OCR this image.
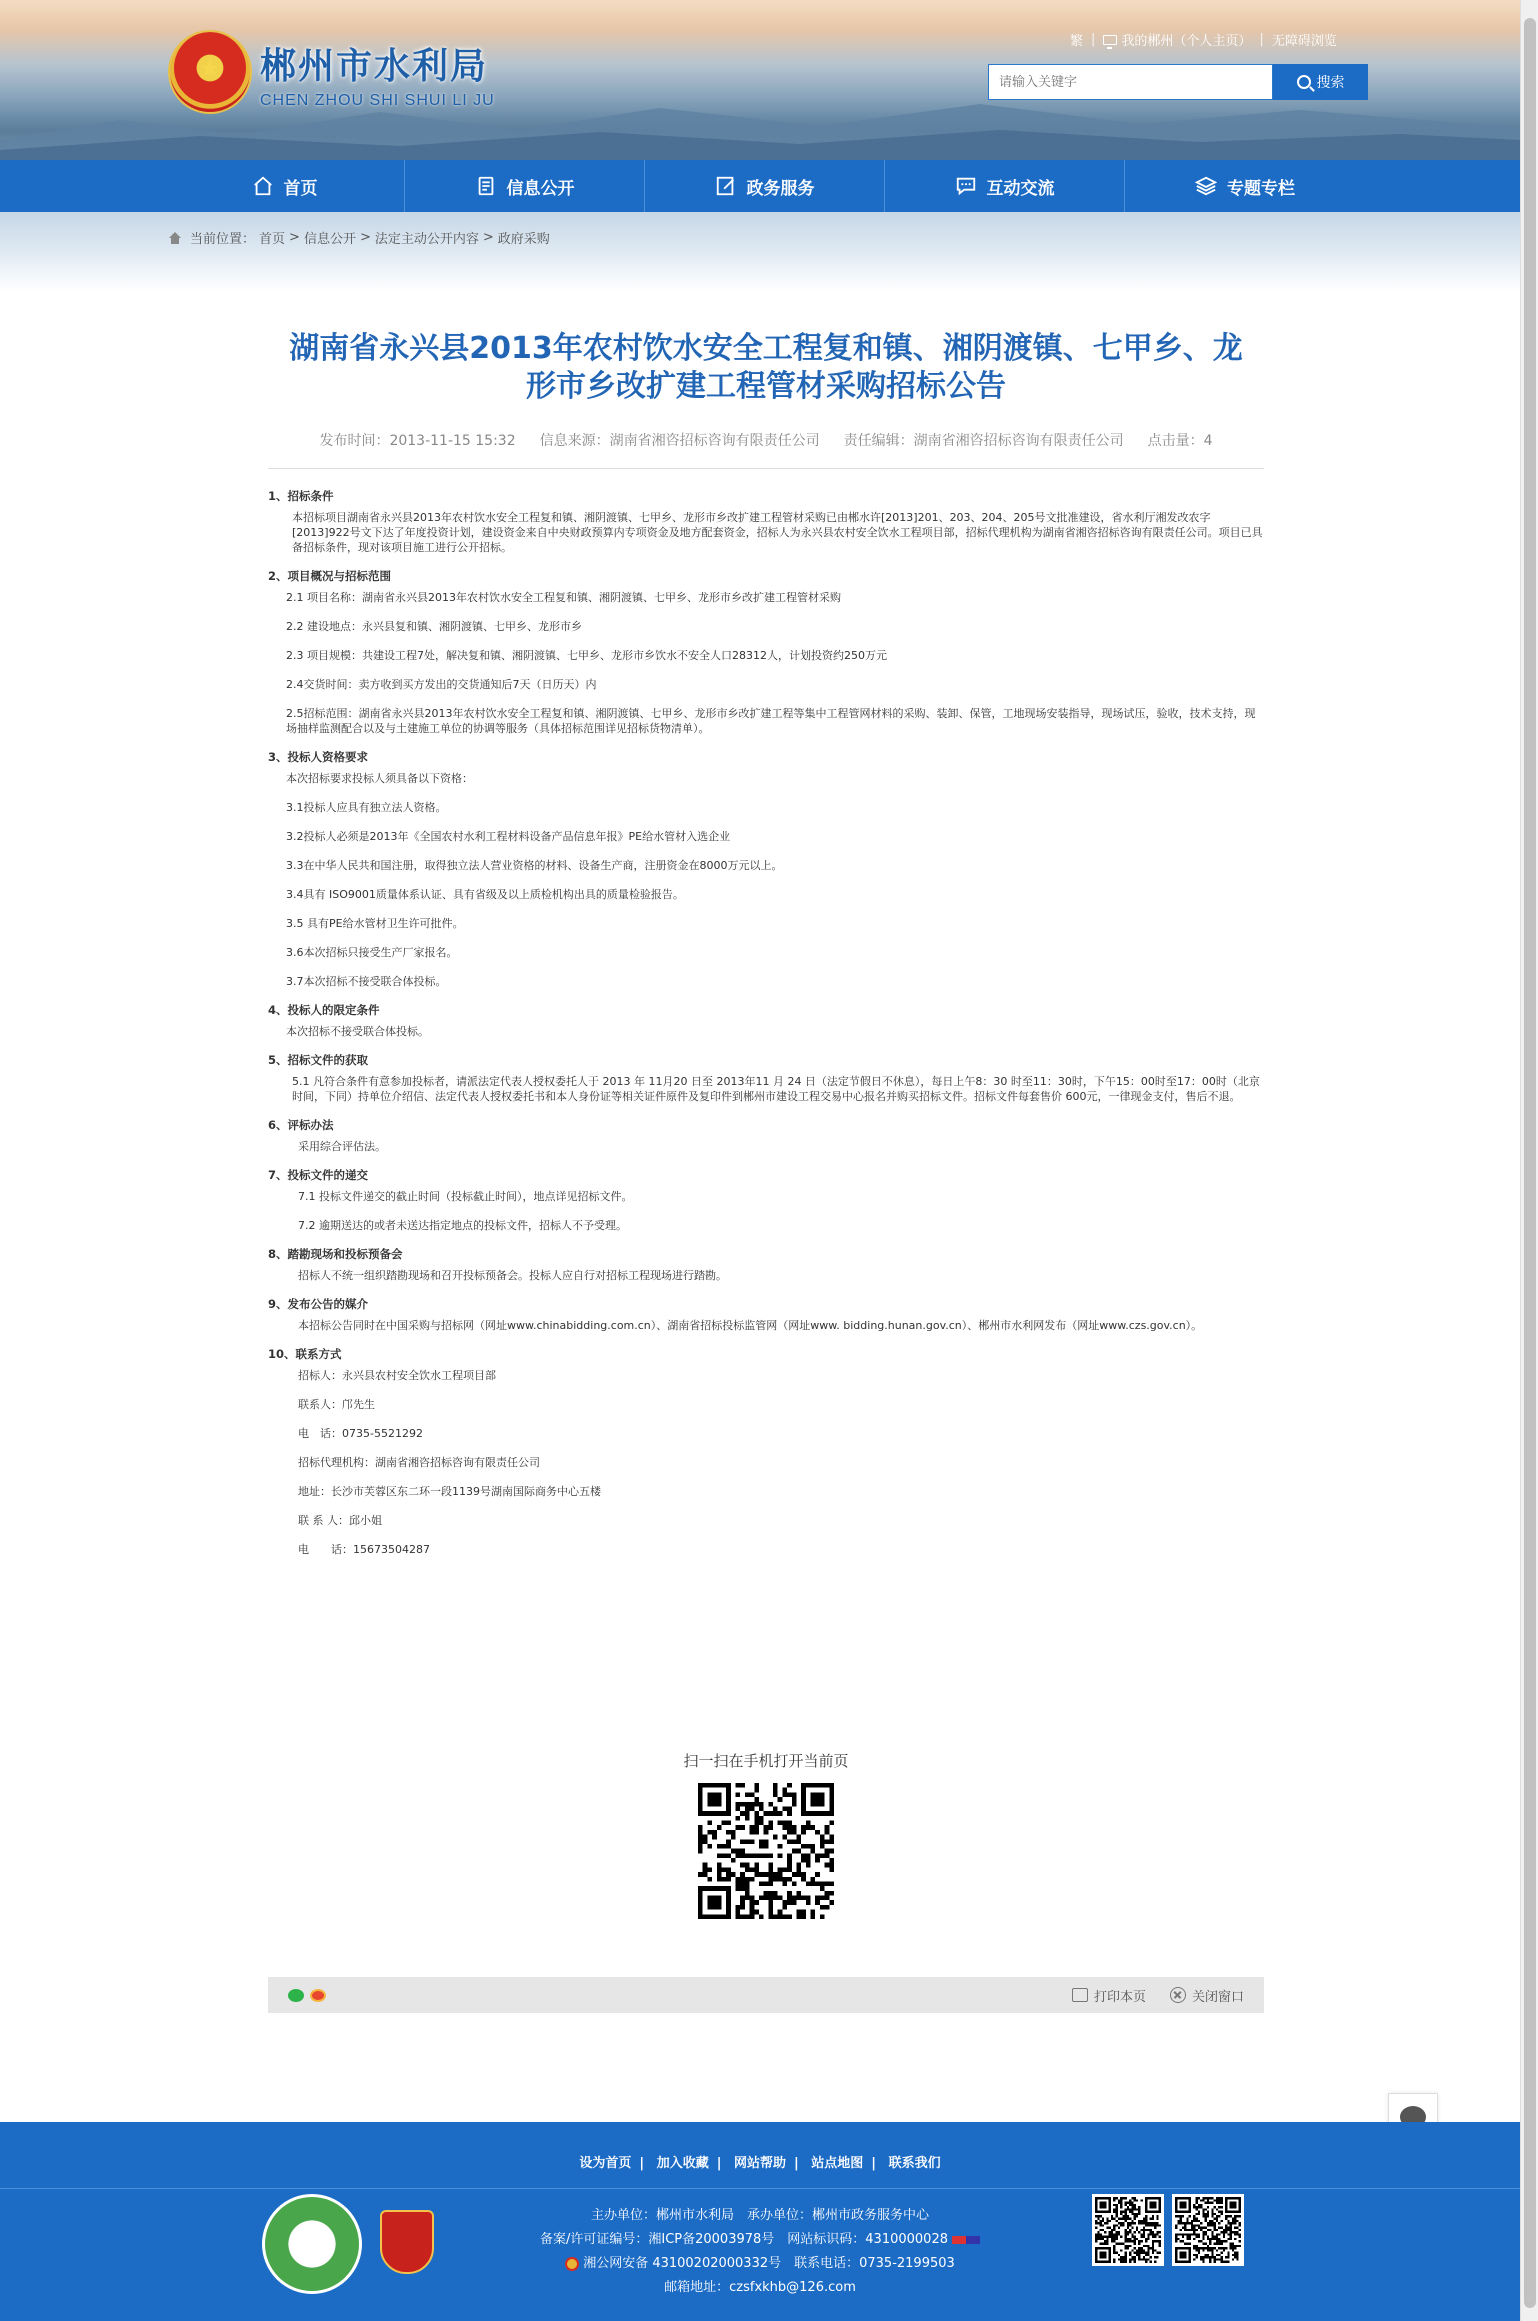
★	郴州市水利局
CHEN ZHOU SHI SHUI LI JU
繁 |	我的郴州（个人主页） | 无障碍浏览
请输入关键字
搜索
首页	信息公开	政务服务	互动交流	专题专栏
当前位置： 首页 > 信息公开 > 法定主动公开内容 > 政府采购
湖南省永兴县2013年农村饮水安全工程复和镇、湘阴渡镇、七甲乡、龙形市乡改扩建工程管材采购招标公告
发布时间：2013-11-15 15:32 信息来源：湖南省湘咨招标咨询有限责任公司 责任编辑：湖南省湘咨招标咨询有限责任公司 点击量：4
1、招标条件
本招标项目湖南省永兴县2013年农村饮水安全工程复和镇、湘阴渡镇、七甲乡、龙形市乡改扩建工程管材采购已由郴水许[2013]201、203、204、205号文批准建设，省水利厅湘发改农字[2013]922号文下达了年度投资计划，建设资金来自中央财政预算内专项资金及地方配套资金，招标人为永兴县农村安全饮水工程项目部，招标代理机构为湖南省湘咨招标咨询有限责任公司。项目已具备招标条件，现对该项目施工进行公开招标。
2、项目概况与招标范围
2.1 项目名称：湖南省永兴县2013年农村饮水安全工程复和镇、湘阴渡镇、七甲乡、龙形市乡改扩建工程管材采购
2.2 建设地点：永兴县复和镇、湘阴渡镇、七甲乡、龙形市乡
2.3 项目规模：共建设工程7处，解决复和镇、湘阴渡镇、七甲乡、龙形市乡饮水不安全人口28312人，计划投资约250万元
2.4交货时间：卖方收到买方发出的交货通知后7天（日历天）内
2.5招标范围：湖南省永兴县2013年农村饮水安全工程复和镇、湘阴渡镇、七甲乡、龙形市乡改扩建工程等集中工程管网材料的采购、装卸、保管，工地现场安装指导，现场试压，验收，技术支持，现场抽样监测配合以及与土建施工单位的协调等服务（具体招标范围详见招标货物清单）。
3、投标人资格要求
本次招标要求投标人须具备以下资格：
3.1投标人应具有独立法人资格。
3.2投标人必须是2013年《全国农村水利工程材料设备产品信息年报》PE给水管材入选企业
3.3在中华人民共和国注册，取得独立法人营业资格的材料、设备生产商，注册资金在8000万元以上。
3.4具有 ISO9001质量体系认证、具有省级及以上质检机构出具的质量检验报告。
3.5 具有PE给水管材卫生许可批件。
3.6本次招标只接受生产厂家报名。
3.7本次招标不接受联合体投标。
4、投标人的限定条件
本次招标不接受联合体投标。
5、招标文件的获取
5.1 凡符合条件有意参加投标者，请派法定代表人授权委托人于 2013 年 11月20 日至 2013年11 月 24 日（法定节假日不休息），每日上午8：30 时至11：30时，下午15：00时至17：00时（北京时间，下同）持单位介绍信、法定代表人授权委托书和本人身份证等相关证件原件及复印件到郴州市建设工程交易中心报名并购买招标文件。招标文件每套售价 600元，一律现金支付，售后不退。
6、评标办法
采用综合评估法。
7、投标文件的递交
7.1 投标文件递交的截止时间（投标截止时间），地点详见招标文件。
7.2 逾期送达的或者未送达指定地点的投标文件，招标人不予受理。
8、踏勘现场和投标预备会
招标人不统一组织踏勘现场和召开投标预备会。投标人应自行对招标工程现场进行踏勘。
9、发布公告的媒介
本招标公告同时在中国采购与招标网（网址www.chinabidding.com.cn）、湖南省招标投标监管网（网址www. bidding.hunan.gov.cn）、郴州市水利网发布（网址www.czs.gov.cn）。
10、联系方式
招标人：永兴县农村安全饮水工程项目部
联系人：邝先生
电　话：0735-5521292
招标代理机构：湖南省湘咨招标咨询有限责任公司
地址：长沙市芙蓉区东二环一段1139号湖南国际商务中心五楼
联 系 人：邱小姐
电　　话：15673504287
扫一扫在手机打开当前页
打印本页	关闭窗口
设为首页 | 加入收藏 | 网站帮助 | 站点地图 | 联系我们
主办单位：郴州市水利局　承办单位：郴州市政务服务中心
备案/许可证编号：湘ICP备20003978号　网站标识码：4310000028
湘公网安备 43100202000332号　联系电话：0735-2199503
邮箱地址：czsfxkhb@126.com
